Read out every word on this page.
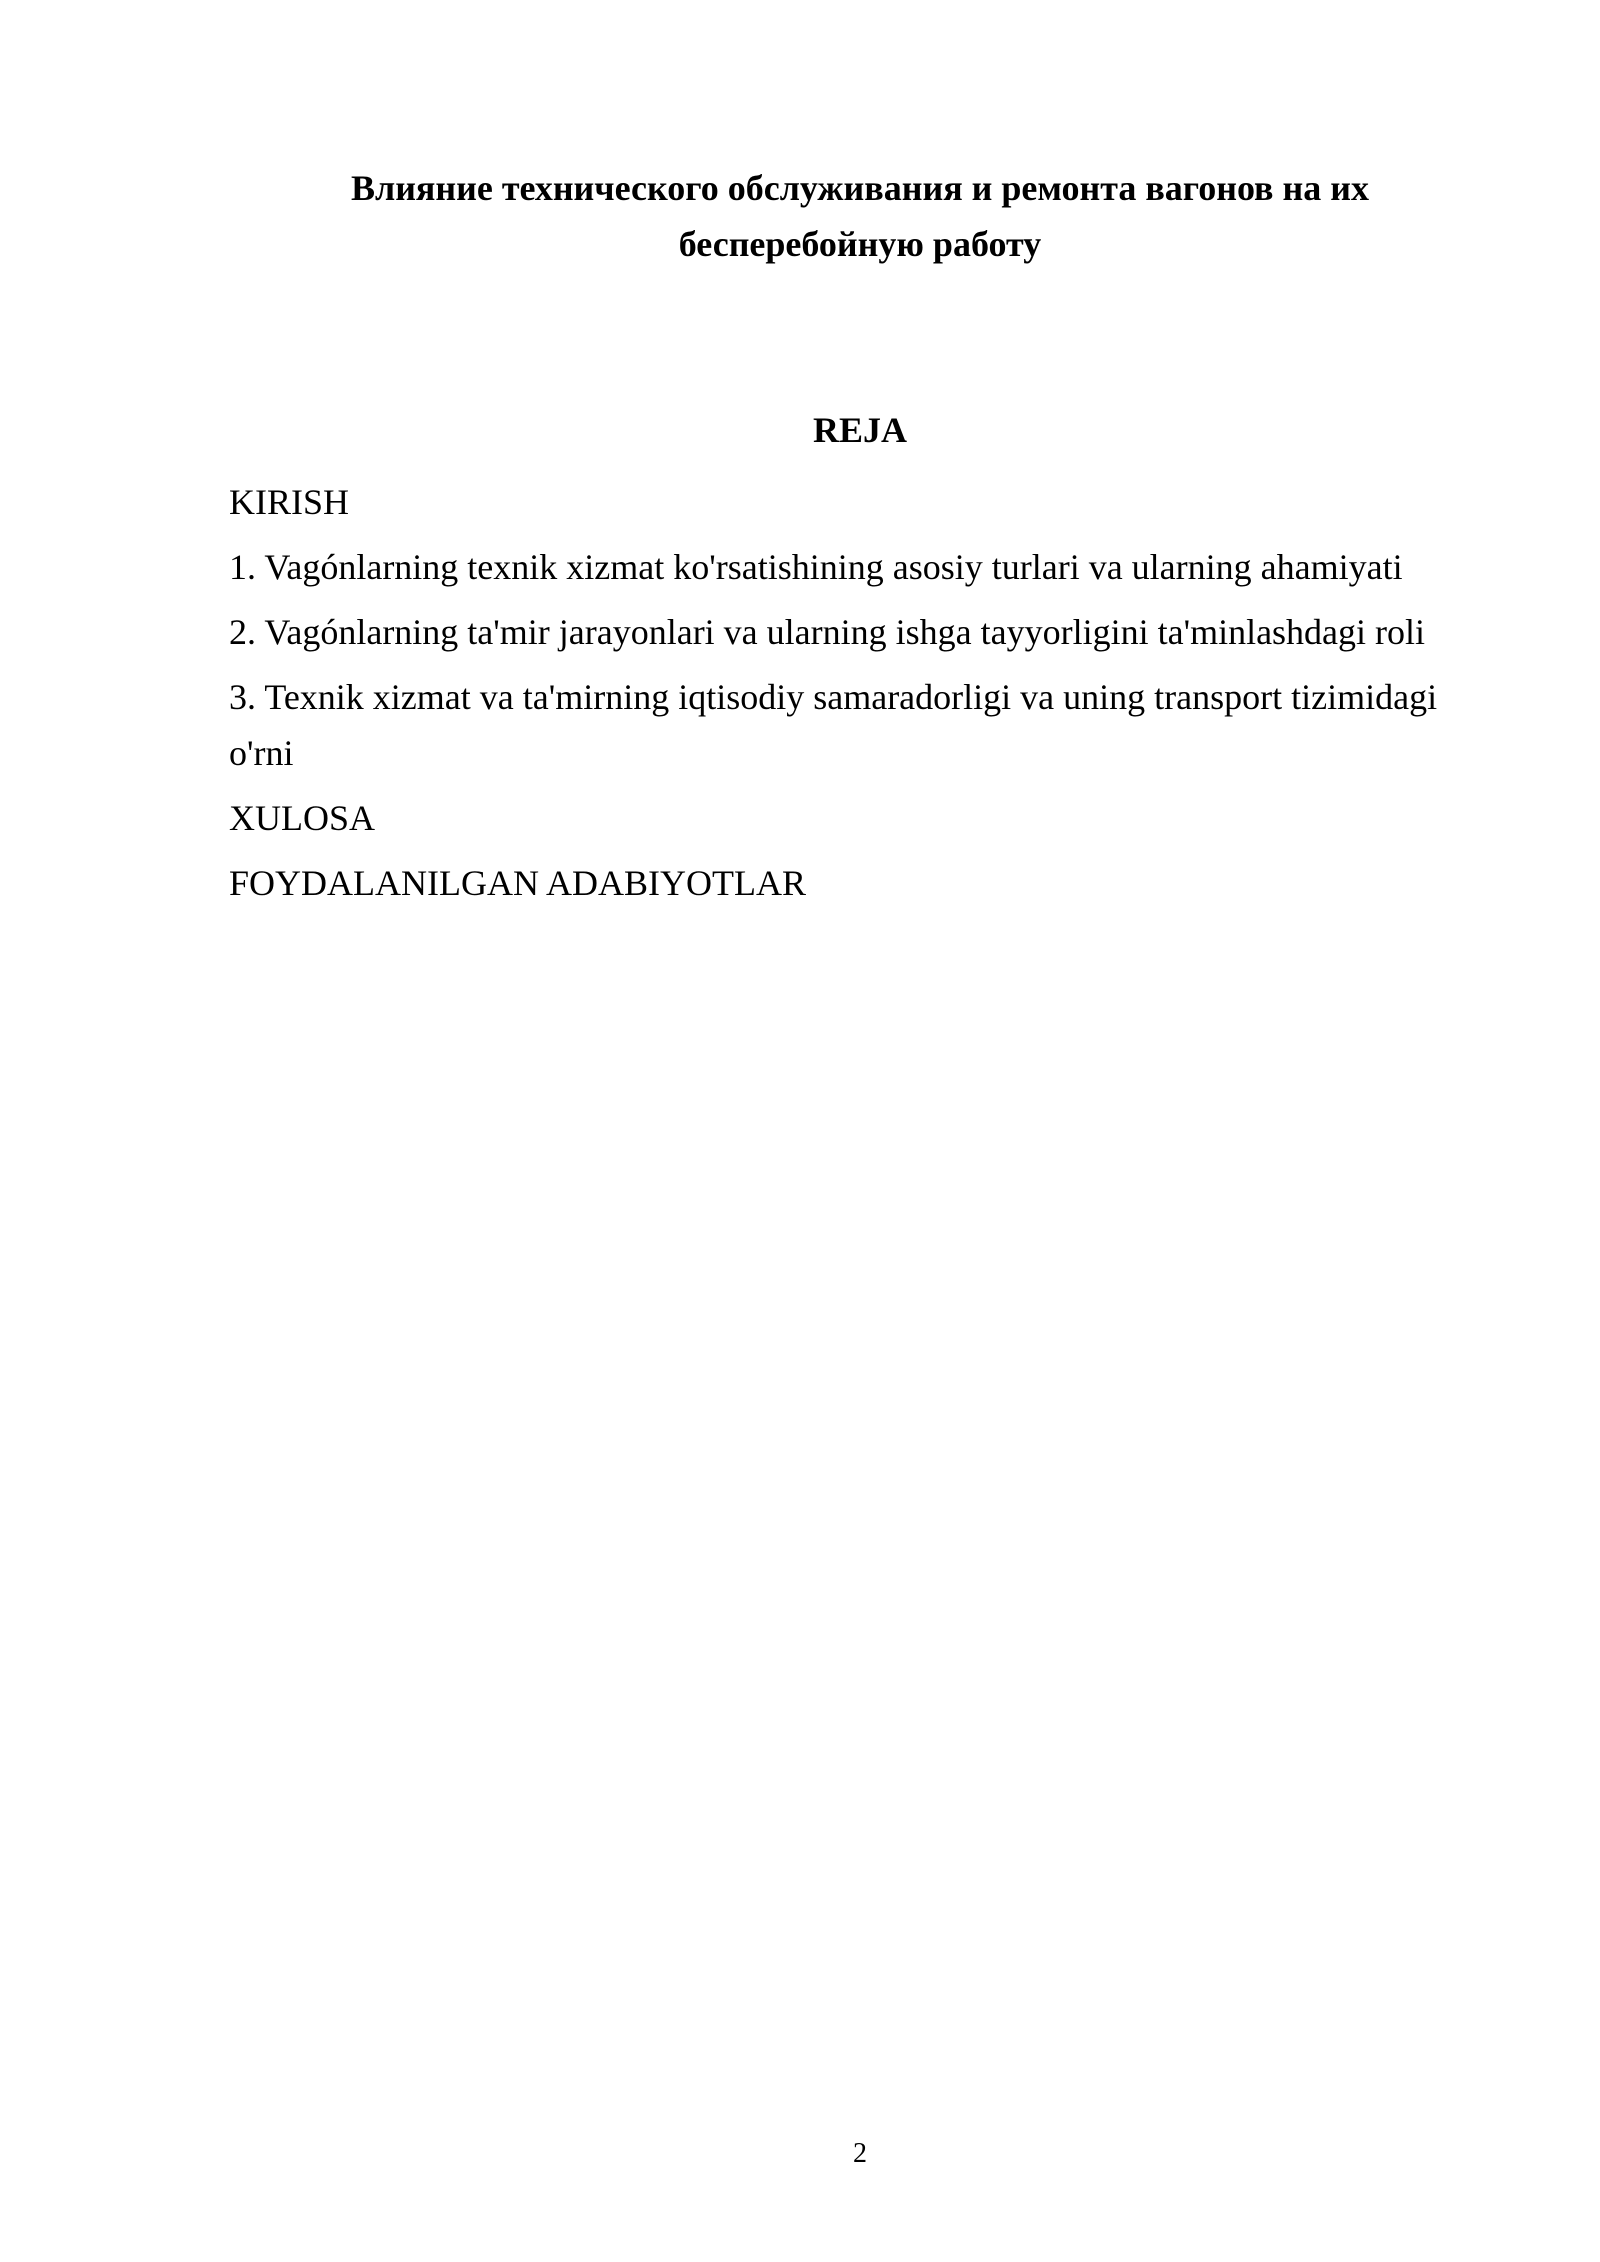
Влияние технического обслуживания и ремонта вагонов на их
бесперебойную работу
REJA
KIRISH
1. Vagónlarning texnik xizmat ko'rsatishining asosiy turlari va ularning ahamiyati
2. Vagónlarning ta'mir jarayonlari va ularning ishga tayyorligini ta'minlashdagi roli
3. Texnik xizmat va ta'mirning iqtisodiy samaradorligi va uning transport tizimidagi o'rni
XULOSA
FOYDALANILGAN ADABIYOTLAR
2
